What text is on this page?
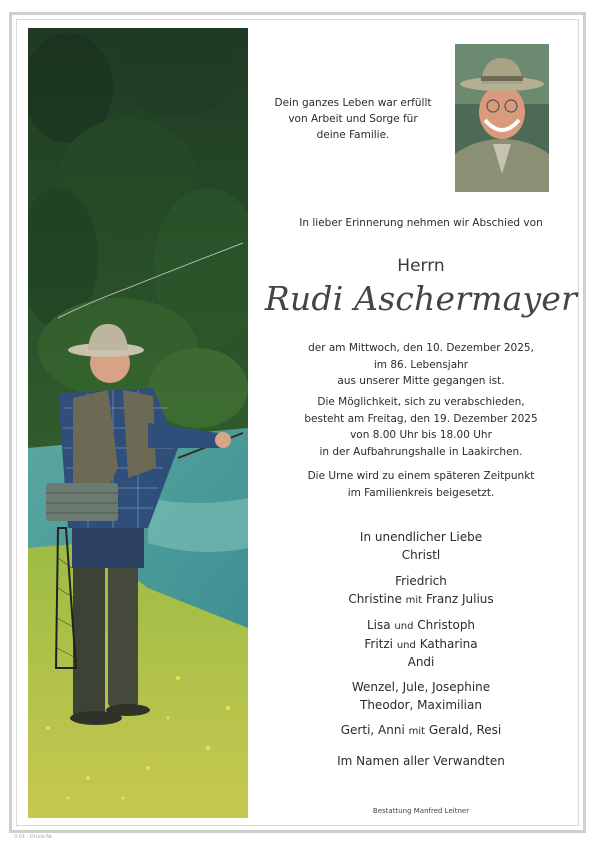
Dein ganzes Leben war erfüllt
von Arbeit und Sorge für
deine Familie.
In lieber Erinnerung nehmen wir Abschied von
Herrn
Rudi Aschermayer
der am Mittwoch, den 10. Dezember 2025,
im 86. Lebensjahr
aus unserer Mitte gegangen ist.
Die Möglichkeit, sich zu verabschieden,
besteht am Freitag, den 19. Dezember 2025
von 8.00 Uhr bis 18.00 Uhr
in der Aufbahrungshalle in Laakirchen.
Die Urne wird zu einem späteren Zeitpunkt
im Familienkreis beigesetzt.
In unendlicher Liebe
Christl
Friedrich
Christine mit Franz Julius
Lisa und Christoph
Fritzi und Katharina
Andi
Wenzel, Jule, Josephine
Theodor, Maximilian
Gerti, Anni mit Gerald, Resi
Im Namen aller Verwandten
Bestattung Manfred Leitner
0.01 · Druck-Nr.
